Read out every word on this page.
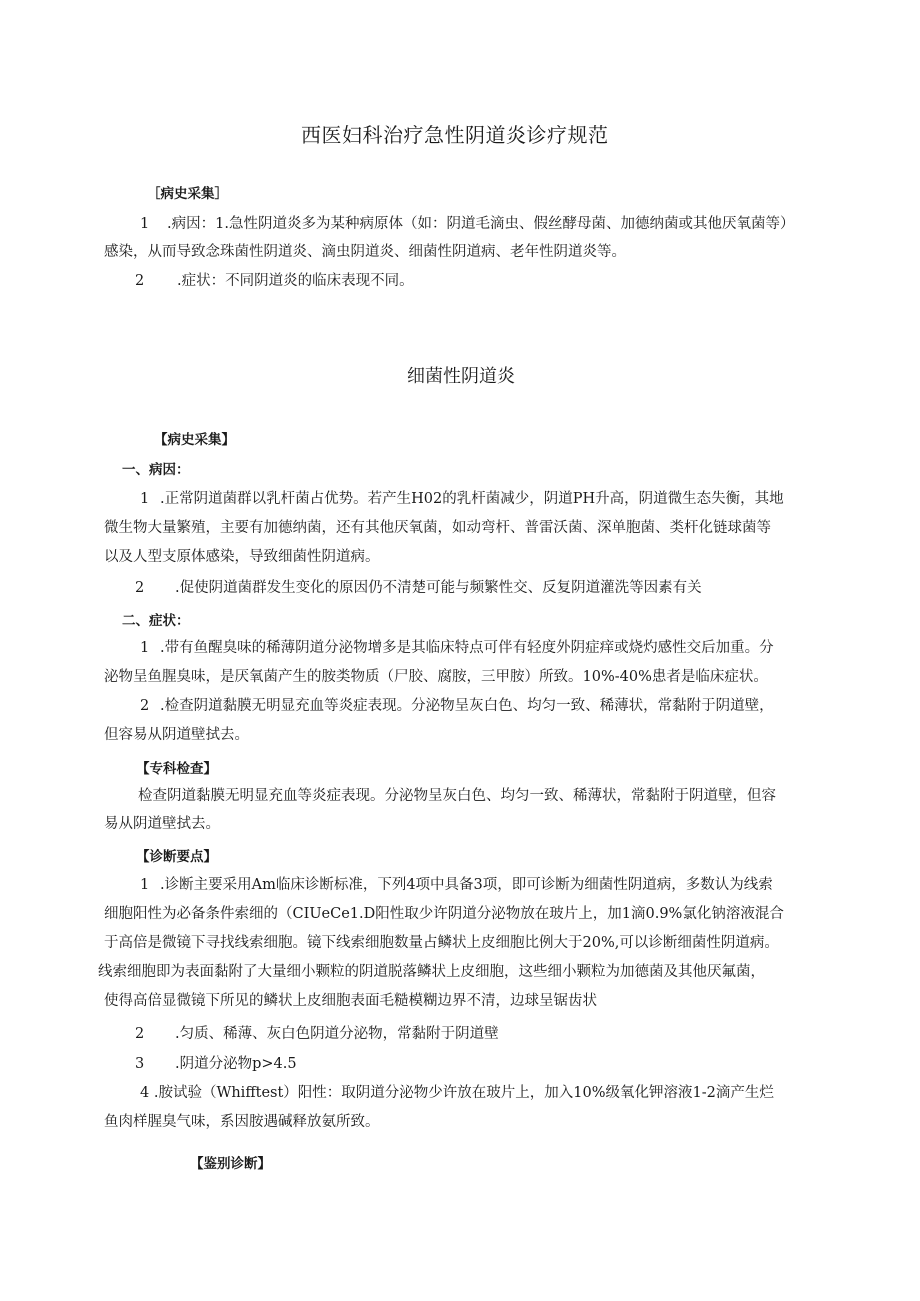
西医妇科治疗急性阴道炎诊疗规范
［病史采集］
1 .病因：1.急性阴道炎多为某种病原体（如：阴道毛滴虫、假丝酵母菌、加德纳菌或其他厌氧菌等）
感染，从而导致念珠菌性阴道炎、滴虫阴道炎、细菌性阴道病、老年性阴道炎等。
2 .症状：不同阴道炎的临床表现不同。
细菌性阴道炎
【病史采集】
一、病因：
1 .正常阴道菌群以乳杆菌占优势。若产生H02的乳杆菌减少，阴道PH升高，阴道微生态失衡，其地
微生物大量繁殖，主要有加德纳菌，还有其他厌氧菌，如动弯杆、普雷沃菌、深单胞菌、类杆化链球菌等
以及人型支原体感染，导致细菌性阴道病。
2 .促使阴道菌群发生变化的原因仍不清楚可能与频繁性交、反复阴道灌洗等因素有关
二、症状：
1 .带有鱼醒臭味的稀薄阴道分泌物增多是其临床特点可伴有轻度外阴症痒或烧灼感性交后加重。分
泌物呈鱼腥臭味，是厌氧菌产生的胺类物质（尸胶、腐胺，三甲胺）所致。10%-40%患者是临床症状。
2 .检查阴道黏膜无明显充血等炎症表现。分泌物呈灰白色、均匀一致、稀薄状，常黏附于阴道壁，
但容易从阴道壁拭去。
【专科检查】
检查阴道黏膜无明显充血等炎症表现。分泌物呈灰白色、均匀一致、稀薄状，常黏附于阴道壁，但容
易从阴道壁拭去。
【诊断要点】
1 .诊断主要采用Am临床诊断标准，下列4项中具备3项，即可诊断为细菌性阴道病，多数认为线索
细胞阳性为必备条件索细的（CIUeCe1.D阳性取少许阴道分泌物放在玻片上，加1滴0.9%氯化钠溶液混合
于高倍是微镜下寻找线索细胞。镜下线索细胞数量占鳞状上皮细胞比例大于20%,可以诊断细菌性阴道病。
线索细胞即为表面黏附了大量细小颗粒的阴道脱落鳞状上皮细胞，这些细小颗粒为加德菌及其他厌氟菌，
使得高倍显微镜下所见的鳞状上皮细胞表面毛糙模糊边界不清，边球呈锯齿状
2 .匀质、稀薄、灰白色阴道分泌物，常黏附于阴道壁
3 .阴道分泌物p>4.5
4 .胺试验（Whifftest）阳性：取阴道分泌物少许放在玻片上，加入10%级氧化钾溶液1-2滴产生烂
鱼肉样腥臭气味，系因胺遇碱释放氨所致。
【鉴别诊断】
